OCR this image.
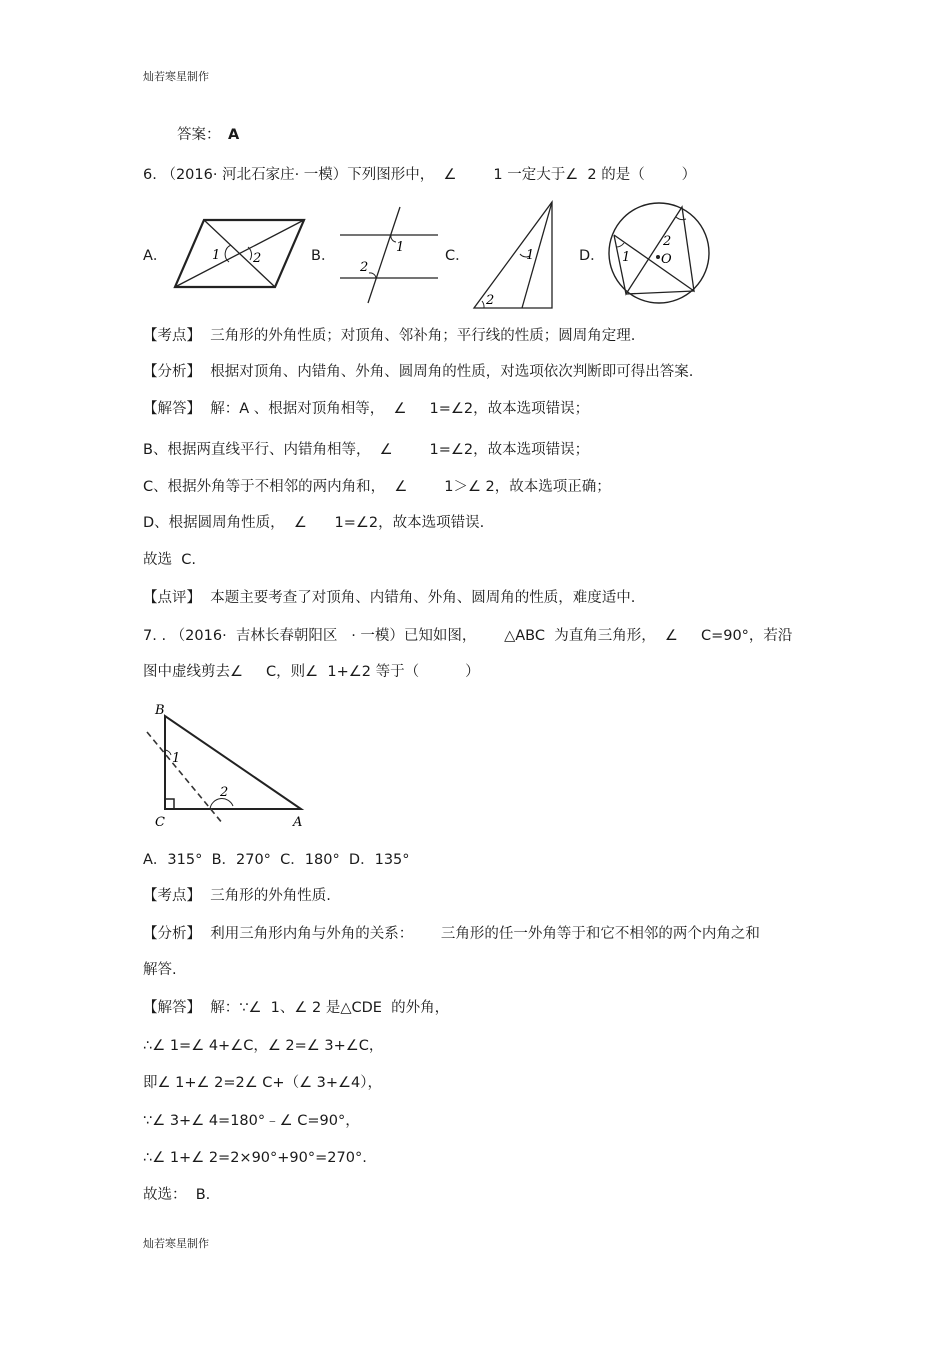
灿若寒星制作
答案： A
6. （2016· 河北石家庄· 一模）下列图形中，  ∠        1 一定大于∠  2 的是（        ）
A．	1	2	B．
1
2
C．	1
2
D． 1
2
O
【考点】  三角形的外角性质；对顶角、邻补角；平行线的性质；圆周角定理.
【分析】  根据对顶角、内错角、外角、圆周角的性质，对选项依次判断即可得出答案.
【解答】  解：A 、根据对顶角相等，  ∠     1=∠2，故本选项错误；
B、根据两直线平行、内错角相等，  ∠        1=∠2，故本选项错误；
C、根据外角等于不相邻的两内角和，  ∠        1＞∠ 2，故本选项正确；
D、根据圆周角性质，  ∠      1=∠2，故本选项错误.
故选  C.
【点评】  本题主要考查了对顶角、内错角、外角、圆周角的性质，难度适中.
7. . （2016·  吉林长春朝阳区   · 一模）已知如图，      △ABC  为直角三角形，  ∠     C=90°，若沿
图中虚线剪去∠     C，则∠  1+∠2 等于（          ）
B
C	A
1
2
A．315°  B．270°  C．180°  D．135°
【考点】  三角形的外角性质.
【分析】  利用三角形内角与外角的关系：      三角形的任一外角等于和它不相邻的两个内角之和
解答.
【解答】  解：∵∠  1、∠ 2 是△CDE  的外角，
∴∠ 1=∠ 4+∠C，∠ 2=∠ 3+∠C，
即∠ 1+∠ 2=2∠ C+（∠ 3+∠4），
∵∠ 3+∠ 4=180°﹣∠ C=90°，
∴∠ 1+∠ 2=2×90°+90°=270°.
故选：  B.
灿若寒星制作
